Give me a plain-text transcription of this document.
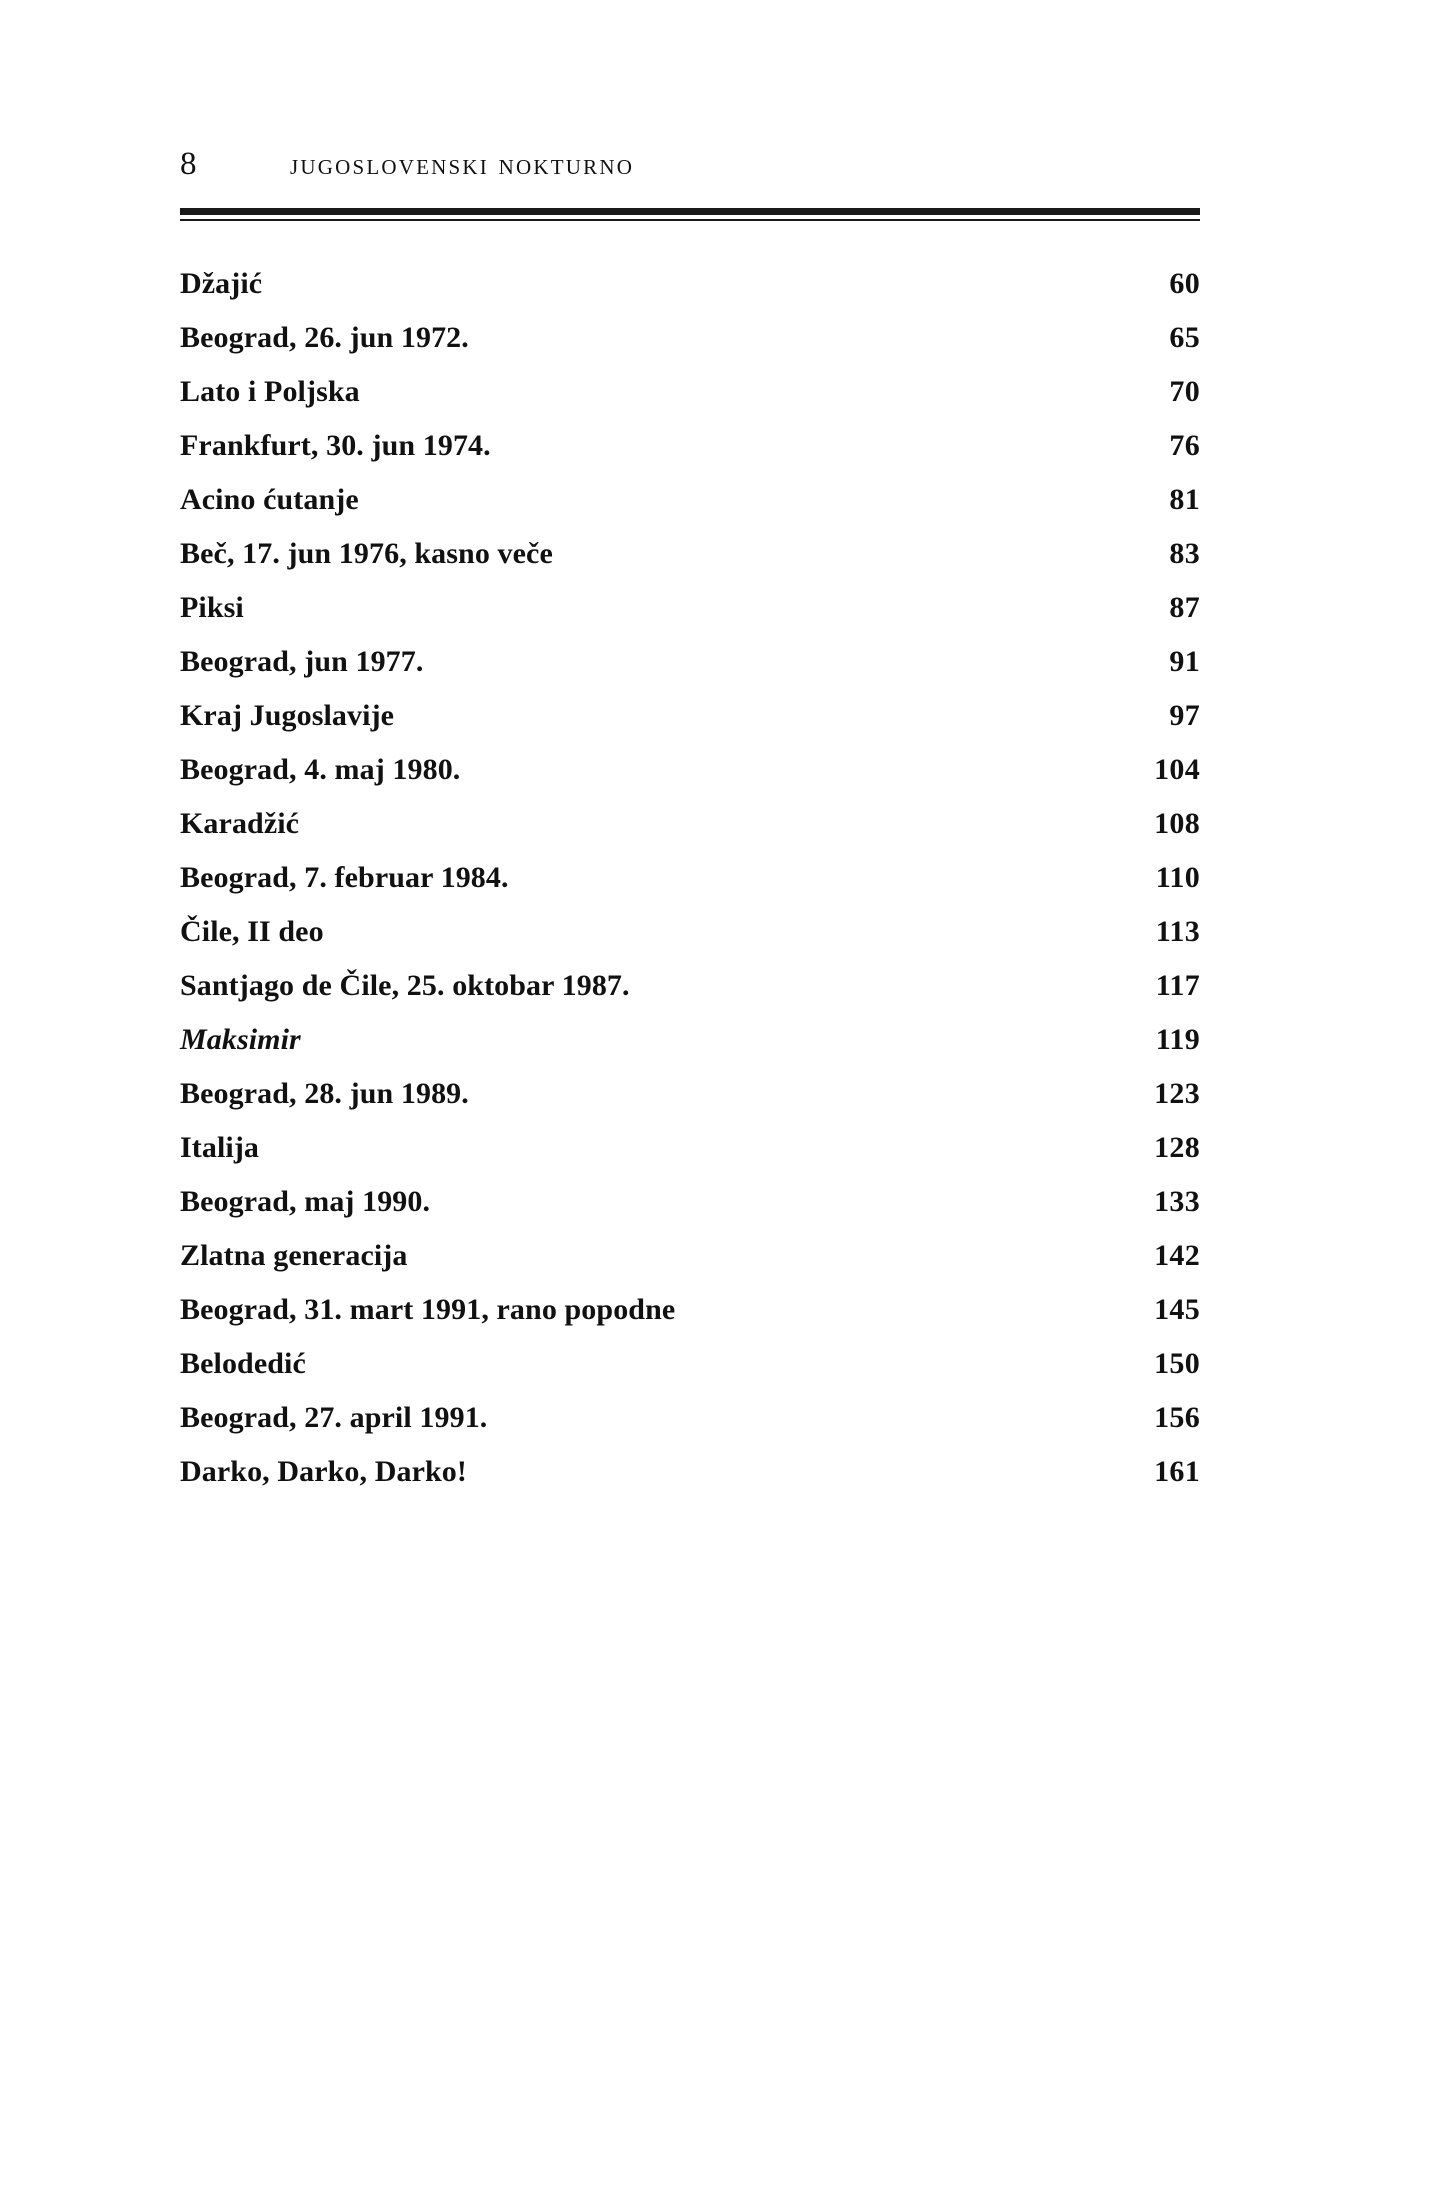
8	jugoslovenski nokturno
Džajić	60
Beograd, 26. jun 1972.	65
Lato i Poljska	70
Frankfurt, 30. jun 1974.	76
Acino ćutanje	81
Beč, 17. jun 1976, kasno veče	83
Piksi	87
Beograd, jun 1977.	91
Kraj Jugoslavije	97
Beograd, 4. maj 1980.	104
Karadžić	108
Beograd, 7. februar 1984.	110
Čile, II deo	113
Santjago de Čile, 25. oktobar 1987.	117
Maksimir	119
Beograd, 28. jun 1989.	123
Italija	128
Beograd, maj 1990.	133
Zlatna generacija	142
Beograd, 31. mart 1991, rano popodne	145
Belodedić	150
Beograd, 27. april 1991.	156
Darko, Darko, Darko!	161
